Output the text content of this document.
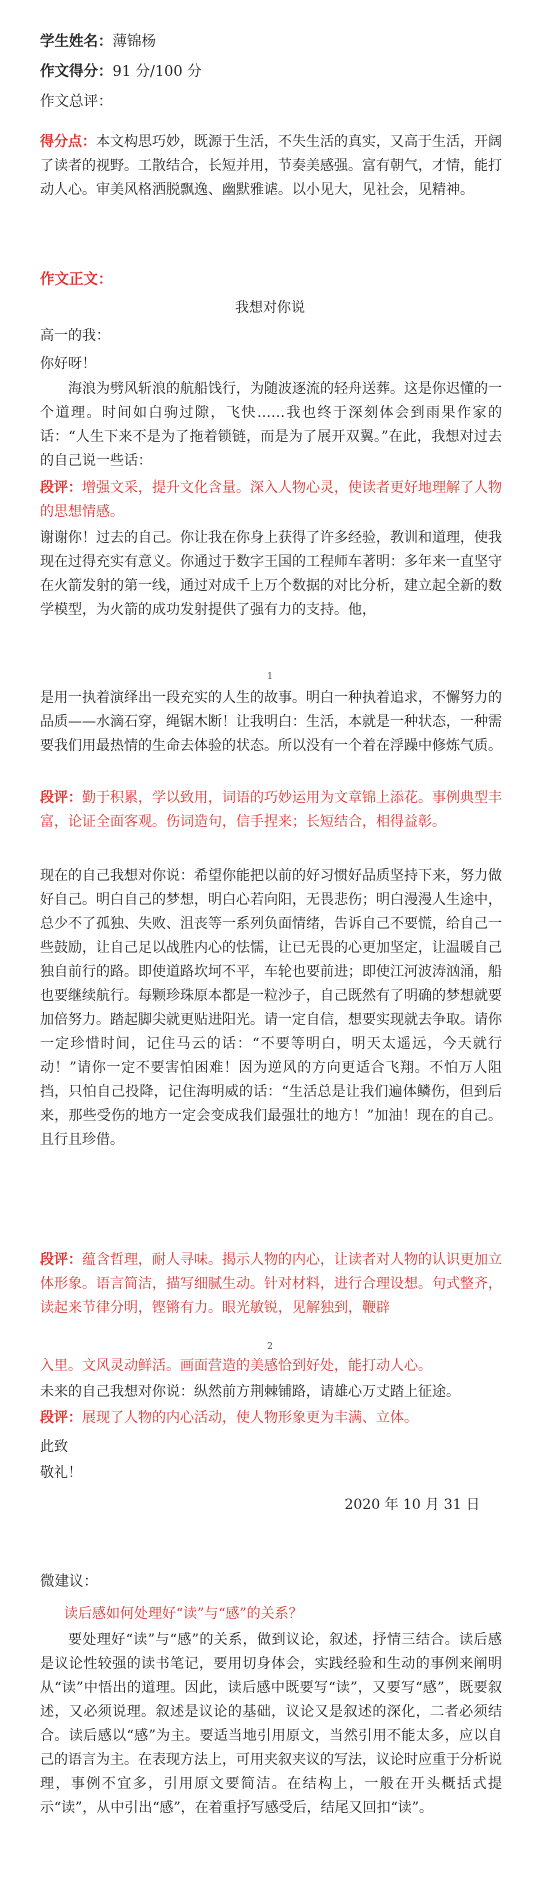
学生姓名：薄锦杨
作文得分：91 分/100 分
作文总评：
得分点：本文构思巧妙，既源于生活，不失生活的真实，又高于生活，开阔了读者的视野。工散结合，长短并用，节奏美感强。富有朝气，才情，能打动人心。审美风格洒脱飘逸、幽默雅谑。以小见大，见社会，见精神。
作文正文：
我想对你说
高一的我：
你好呀！
海浪为劈风斩浪的航船饯行，为随波逐流的轻舟送葬。这是你迟懂的一个道理。时间如白驹过隙，飞快……我也终于深刻体会到雨果作家的话：“人生下来不是为了拖着锁链，而是为了展开双翼。”在此，我想对过去的自己说一些话：
段评：增强文采，提升文化含量。深入人物心灵，使读者更好地理解了人物的思想情感。
谢谢你！过去的自己。你让我在你身上获得了许多经验，教训和道理，使我现在过得充实有意义。你通过于数字王国的工程师车著明：多年来一直坚守在火箭发射的第一线，通过对成千上万个数据的对比分析，建立起全新的数学模型，为火箭的成功发射提供了强有力的支持。他，
1
是用一执着演绎出一段充实的人生的故事。明白一种执着追求，不懈努力的品质——水滴石穿，绳锯木断！让我明白：生活，本就是一种状态，一种需要我们用最热情的生命去体验的状态。所以没有一个着在浮躁中修炼气质。
段评：勤于积累，学以致用，词语的巧妙运用为文章锦上添花。事例典型丰富，论证全面客观。伤词造句，信手捏来；长短结合，相得益彰。
现在的自己我想对你说：希望你能把以前的好习惯好品质坚持下来，努力做好自己。明白自己的梦想，明白心若向阳，无畏悲伤；明白漫漫人生途中，总少不了孤独、失败、沮丧等一系列负面情绪，告诉自己不要慌，给自己一些鼓励，让自己足以战胜内心的怯懦，让已无畏的心更加坚定，让温暖自己独自前行的路。即使道路坎坷不平，车轮也要前进；即使江河波涛汹涌，船也要继续航行。每颗珍珠原本都是一粒沙子，自己既然有了明确的梦想就要加倍努力。踏起脚尖就更贴进阳光。请一定自信，想要实现就去争取。请你一定珍惜时间，记住马云的话：“不要等明白，明天太遥远，今天就行动！”请你一定不要害怕困难！因为逆风的方向更适合飞翔。不怕万人阻挡，只怕自己投降，记住海明威的话：“生活总是让我们遍体鳞伤，但到后来，那些受伤的地方一定会变成我们最强壮的地方！”加油！现在的自己。且行且珍借。
段评：蕴含哲理，耐人寻味。揭示人物的内心，让读者对人物的认识更加立体形象。语言简洁，描写细腻生动。针对材料，进行合理设想。句式整齐，读起来节律分明，铿锵有力。眼光敏锐，见解独到，鞭辟
2
入里。文风灵动鲜活。画面营造的美感恰到好处，能打动人心。
未来的自己我想对你说：纵然前方荆棘铺路，请雄心万丈踏上征途。
段评：展现了人物的内心活动，使人物形象更为丰满、立体。
此致
敬礼！
2020 年 10 月 31 日
微建议：
读后感如何处理好“读”与“感”的关系？
要处理好“读”与“感”的关系，做到议论，叙述，抒情三结合。读后感是议论性较强的读书笔记，要用切身体会，实践经验和生动的事例来阐明从“读”中悟出的道理。因此，读后感中既要写“读”，又要写“感”，既要叙述，又必须说理。叙述是议论的基础，议论又是叙述的深化，二者必须结合。读后感以“感”为主。要适当地引用原文，当然引用不能太多，应以自己的语言为主。在表现方法上，可用夹叙夹议的写法，议论时应重于分析说理，事例不宜多，引用原文要简洁。在结构上，一般在开头概括式提示“读”，从中引出“感”，在着重抒写感受后，结尾又回扣“读”。
